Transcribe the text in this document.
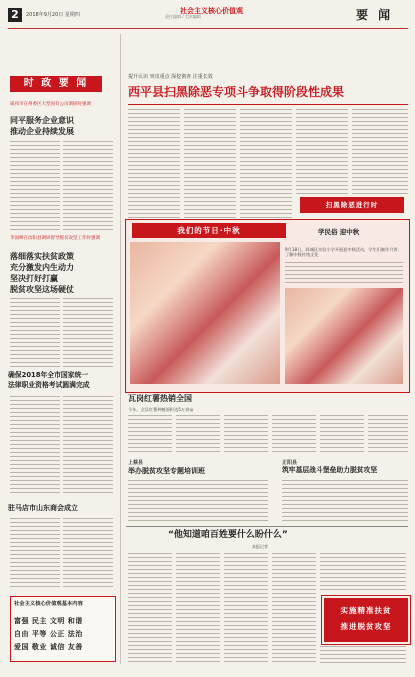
2	2018年9月20日 星期四	社会主义核心价值观
责任编辑 / 美术编辑	要 闻
时 政 要 闻
咸祁市在州委区大型国有公司调研时强调
同平服务企业意识
推动企业持续发展
李国峰在汝阳县调研督导脱贫攻坚工作时强调
落细落实扶贫政策
充分激发内生动力
坚决打好打赢
脱贫攻坚这场硬仗
确保2018年全市国家统一
法律职业资格考试圆满完成
驻马店市山东商会成立
社会主义核心价值观基本内容
富强 民主 文明 和谐
自由 平等 公正 法治
爱国 敬业 诚信 友善
提升认识 突出重点 深挖彻查 注重长效
西平县扫黑除恶专项斗争取得阶段性成果
扫黑除恶进行时
我们的节日·中秋	学民俗 迎中秋
9月18日，驿城区实验小学开展迎中秋活动，学生们制作月饼、了解中秋传统文化
瓦岗红薯热销全国
今年，全县红薯种植面积达5万余亩
上蔡县
举办脱贫攻坚专题培训班
正阳县
筑牢基层战斗堡垒助力脱贫攻坚
“他知道咱百姓要什么盼什么”
本报记者
实施精准扶贫
推进脱贫攻坚
